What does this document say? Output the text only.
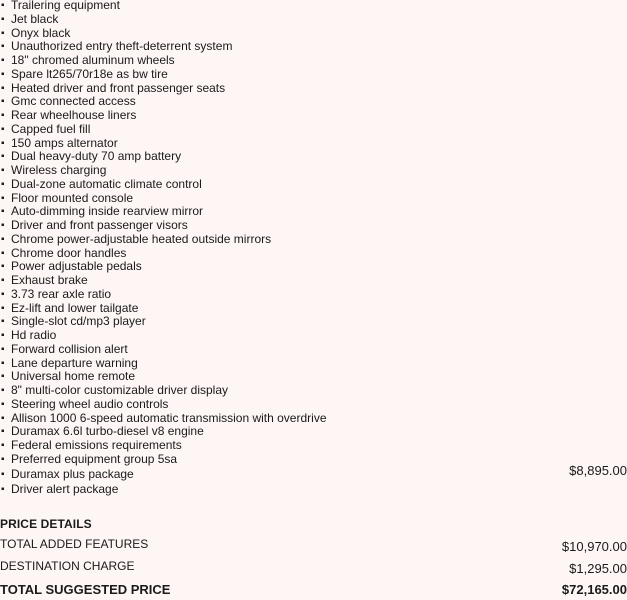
▪ Trailering equipment
▪ Jet black
▪ Onyx black
▪ Unauthorized entry theft-deterrent system
▪ 18" chromed aluminum wheels
▪ Spare lt265/70r18e as bw tire
▪ Heated driver and front passenger seats
▪ Gmc connected access
▪ Rear wheelhouse liners
▪ Capped fuel fill
▪ 150 amps alternator
▪ Dual heavy-duty 70 amp battery
▪ Wireless charging
▪ Dual-zone automatic climate control
▪ Floor mounted console
▪ Auto-dimming inside rearview mirror
▪ Driver and front passenger visors
▪ Chrome power-adjustable heated outside mirrors
▪ Chrome door handles
▪ Power adjustable pedals
▪ Exhaust brake
▪ 3.73 rear axle ratio
▪ Ez-lift and lower tailgate
▪ Single-slot cd/mp3 player
▪ Hd radio
▪ Forward collision alert
▪ Lane departure warning
▪ Universal home remote
▪ 8" multi-color customizable driver display
▪ Steering wheel audio controls
▪ Allison 1000 6-speed automatic transmission with overdrive
▪ Duramax 6.6l turbo-diesel v8 engine
▪ Federal emissions requirements
▪ Preferred equipment group 5sa
▪ Duramax plus package	$8,895.00
▪ Driver alert package
PRICE DETAILS
TOTAL ADDED FEATURES	$10,970.00
DESTINATION CHARGE	$1,295.00
TOTAL SUGGESTED PRICE	$72,165.00
